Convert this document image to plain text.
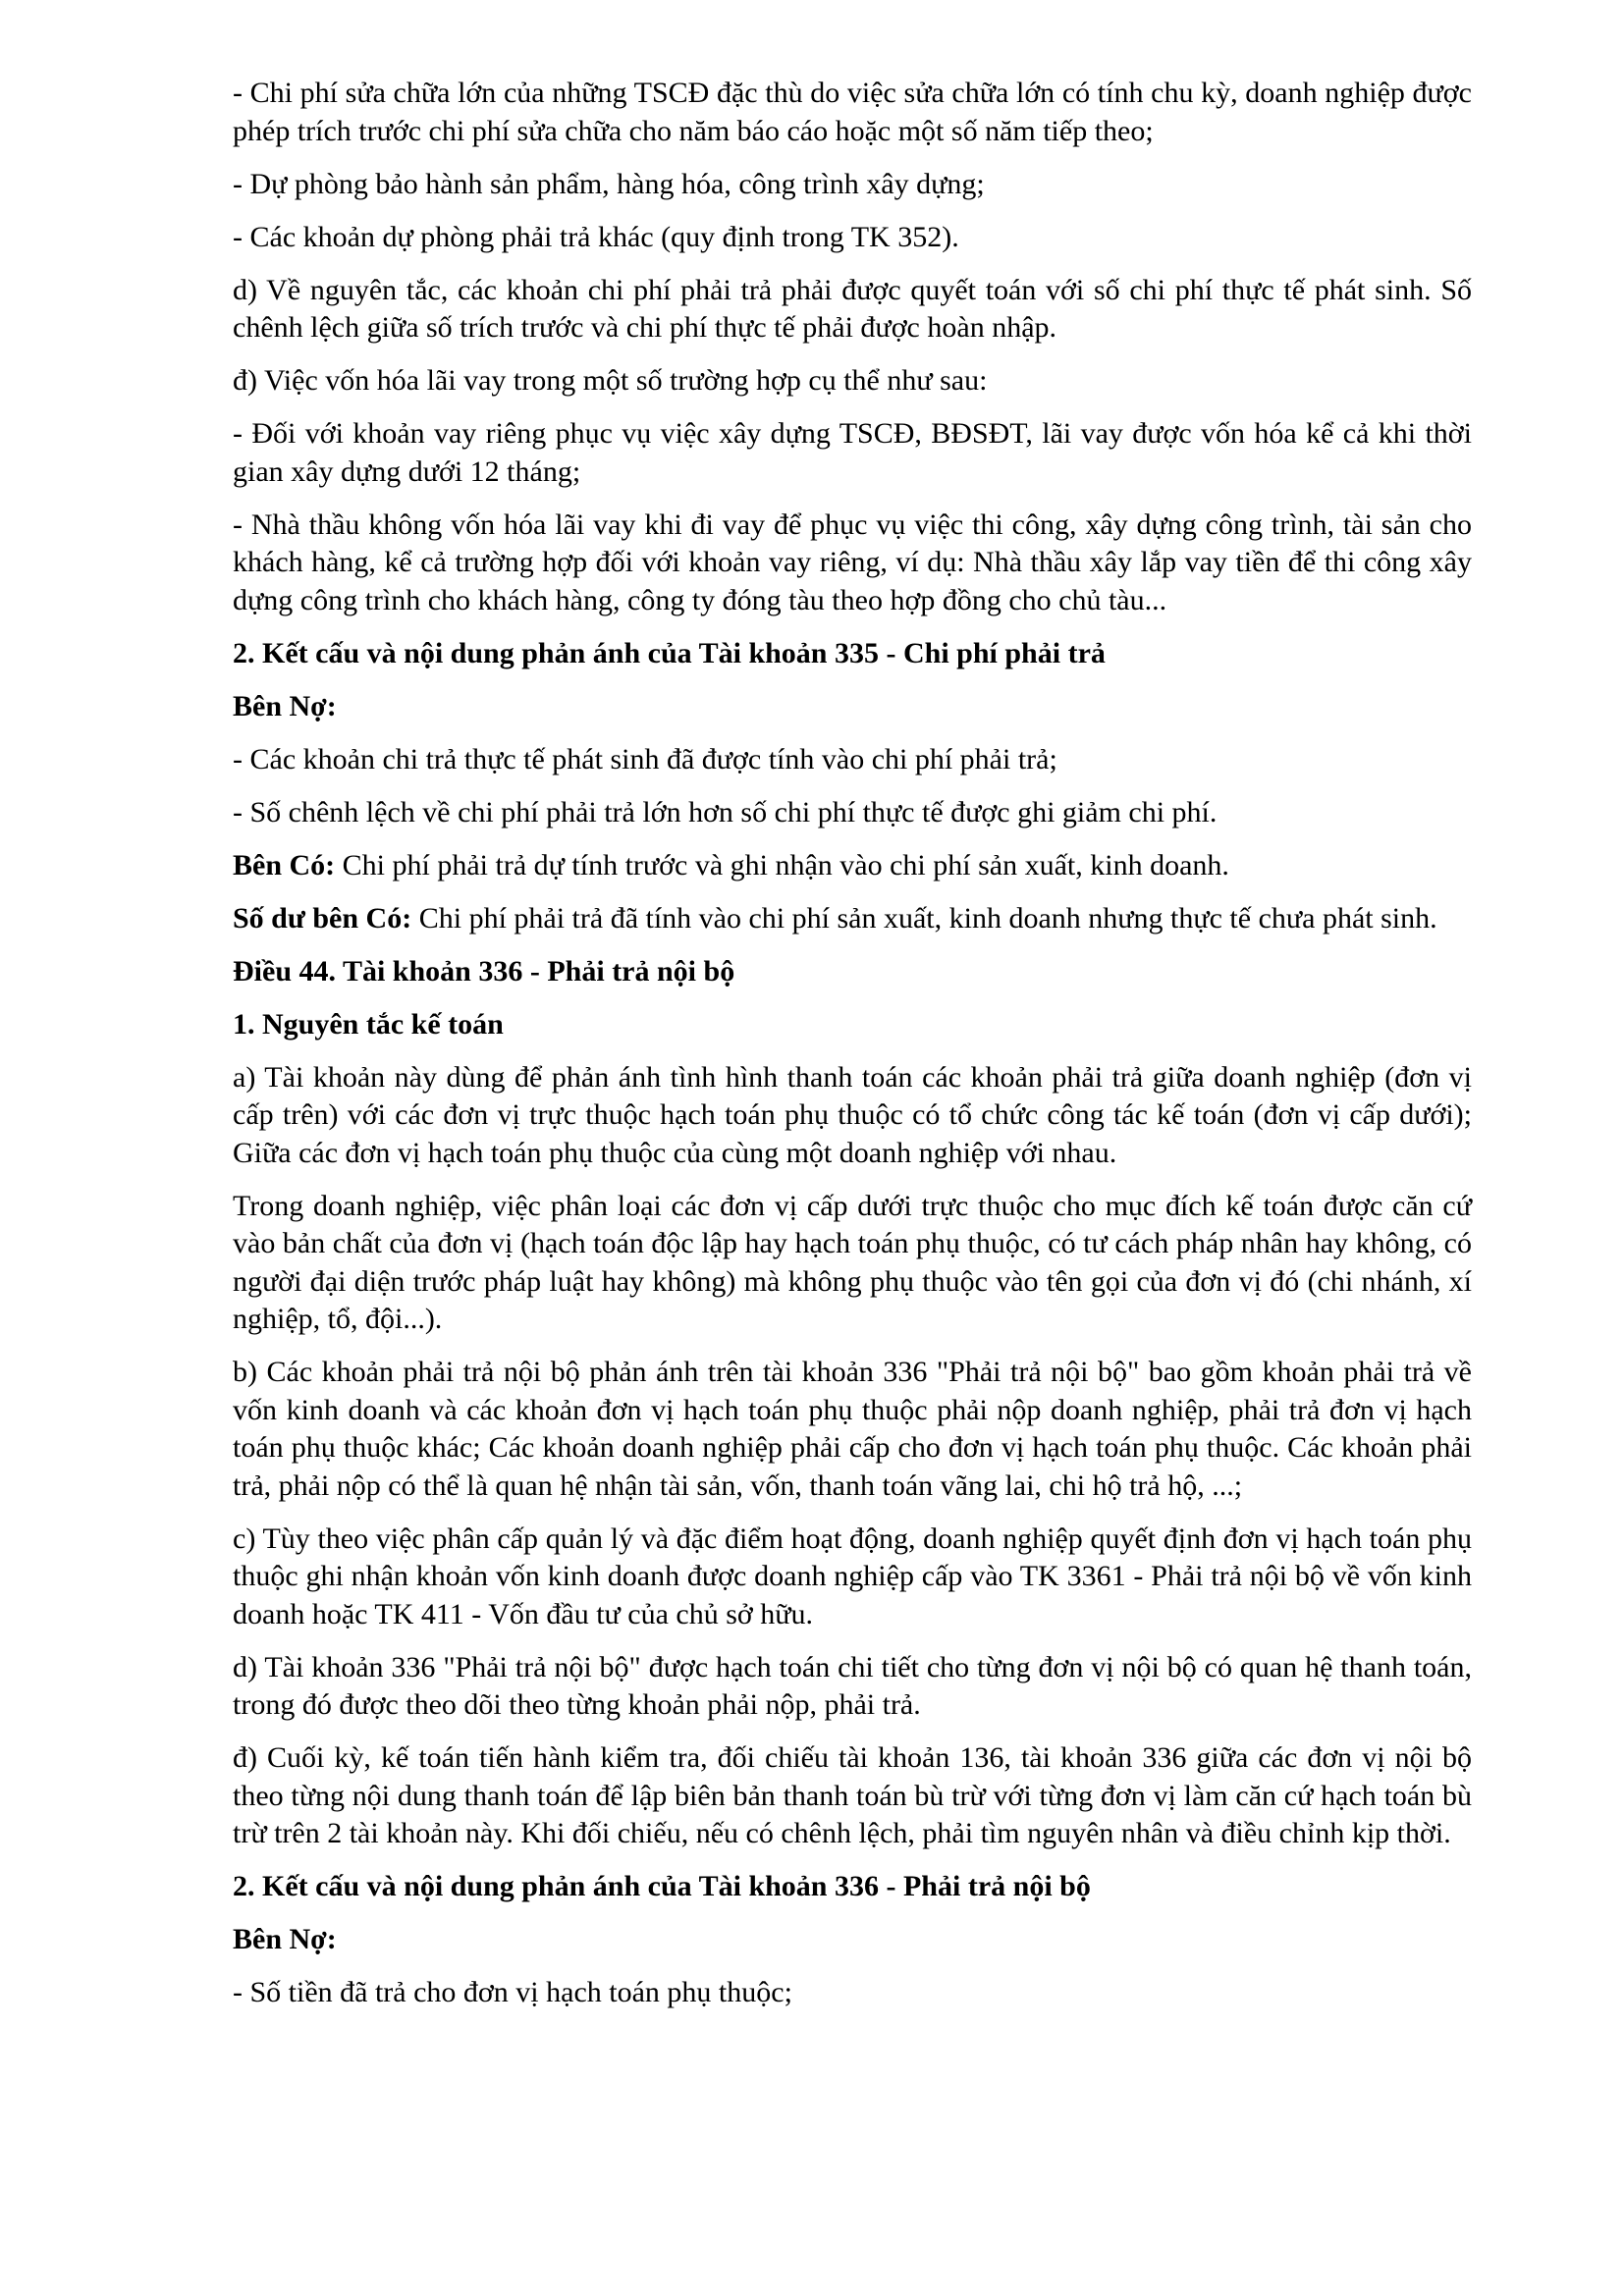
- Chi phí sửa chữa lớn của những TSCĐ đặc thù do việc sửa chữa lớn có tính chu kỳ, doanh nghiệp được phép trích trước chi phí sửa chữa cho năm báo cáo hoặc một số năm tiếp theo;

- Dự phòng bảo hành sản phẩm, hàng hóa, công trình xây dựng;

- Các khoản dự phòng phải trả khác (quy định trong TK 352).

d) Về nguyên tắc, các khoản chi phí phải trả phải được quyết toán với số chi phí thực tế phát sinh. Số chênh lệch giữa số trích trước và chi phí thực tế phải được hoàn nhập.

đ) Việc vốn hóa lãi vay trong một số trường hợp cụ thể như sau:

- Đối với khoản vay riêng phục vụ việc xây dựng TSCĐ, BĐSĐT, lãi vay được vốn hóa kể cả khi thời gian xây dựng dưới 12 tháng;

- Nhà thầu không vốn hóa lãi vay khi đi vay để phục vụ việc thi công, xây dựng công trình, tài sản cho khách hàng, kể cả trường hợp đối với khoản vay riêng, ví dụ: Nhà thầu xây lắp vay tiền để thi công xây dựng công trình cho khách hàng, công ty đóng tàu theo hợp đồng cho chủ tàu...

2. Kết cấu và nội dung phản ánh của Tài khoản 335 - Chi phí phải trả

Bên Nợ:

- Các khoản chi trả thực tế phát sinh đã được tính vào chi phí phải trả;

- Số chênh lệch về chi phí phải trả lớn hơn số chi phí thực tế được ghi giảm chi phí.

Bên Có: Chi phí phải trả dự tính trước và ghi nhận vào chi phí sản xuất, kinh doanh.

Số dư bên Có: Chi phí phải trả đã tính vào chi phí sản xuất, kinh doanh nhưng thực tế chưa phát sinh.

Điều 44. Tài khoản 336 - Phải trả nội bộ

1. Nguyên tắc kế toán

a) Tài khoản này dùng để phản ánh tình hình thanh toán các khoản phải trả giữa doanh nghiệp (đơn vị cấp trên) với các đơn vị trực thuộc hạch toán phụ thuộc có tổ chức công tác kế toán (đơn vị cấp dưới); Giữa các đơn vị hạch toán phụ thuộc của cùng một doanh nghiệp với nhau.

Trong doanh nghiệp, việc phân loại các đơn vị cấp dưới trực thuộc cho mục đích kế toán được căn cứ vào bản chất của đơn vị (hạch toán độc lập hay hạch toán phụ thuộc, có tư cách pháp nhân hay không, có người đại diện trước pháp luật hay không) mà không phụ thuộc vào tên gọi của đơn vị đó (chi nhánh, xí nghiệp, tổ, đội...).

b) Các khoản phải trả nội bộ phản ánh trên tài khoản 336 "Phải trả nội bộ" bao gồm khoản phải trả về vốn kinh doanh và các khoản đơn vị hạch toán phụ thuộc phải nộp doanh nghiệp, phải trả đơn vị hạch toán phụ thuộc khác; Các khoản doanh nghiệp phải cấp cho đơn vị hạch toán phụ thuộc. Các khoản phải trả, phải nộp có thể là quan hệ nhận tài sản, vốn, thanh toán vãng lai, chi hộ trả hộ, ...;

c) Tùy theo việc phân cấp quản lý và đặc điểm hoạt động, doanh nghiệp quyết định đơn vị hạch toán phụ thuộc ghi nhận khoản vốn kinh doanh được doanh nghiệp cấp vào TK 3361 - Phải trả nội bộ về vốn kinh doanh hoặc TK 411 - Vốn đầu tư của chủ sở hữu.

d) Tài khoản 336 "Phải trả nội bộ" được hạch toán chi tiết cho từng đơn vị nội bộ có quan hệ thanh toán, trong đó được theo dõi theo từng khoản phải nộp, phải trả.

đ) Cuối kỳ, kế toán tiến hành kiểm tra, đối chiếu tài khoản 136, tài khoản 336 giữa các đơn vị nội bộ theo từng nội dung thanh toán để lập biên bản thanh toán bù trừ với từng đơn vị làm căn cứ hạch toán bù trừ trên 2 tài khoản này. Khi đối chiếu, nếu có chênh lệch, phải tìm nguyên nhân và điều chỉnh kịp thời.

2. Kết cấu và nội dung phản ánh của Tài khoản 336 - Phải trả nội bộ

Bên Nợ:

- Số tiền đã trả cho đơn vị hạch toán phụ thuộc;
